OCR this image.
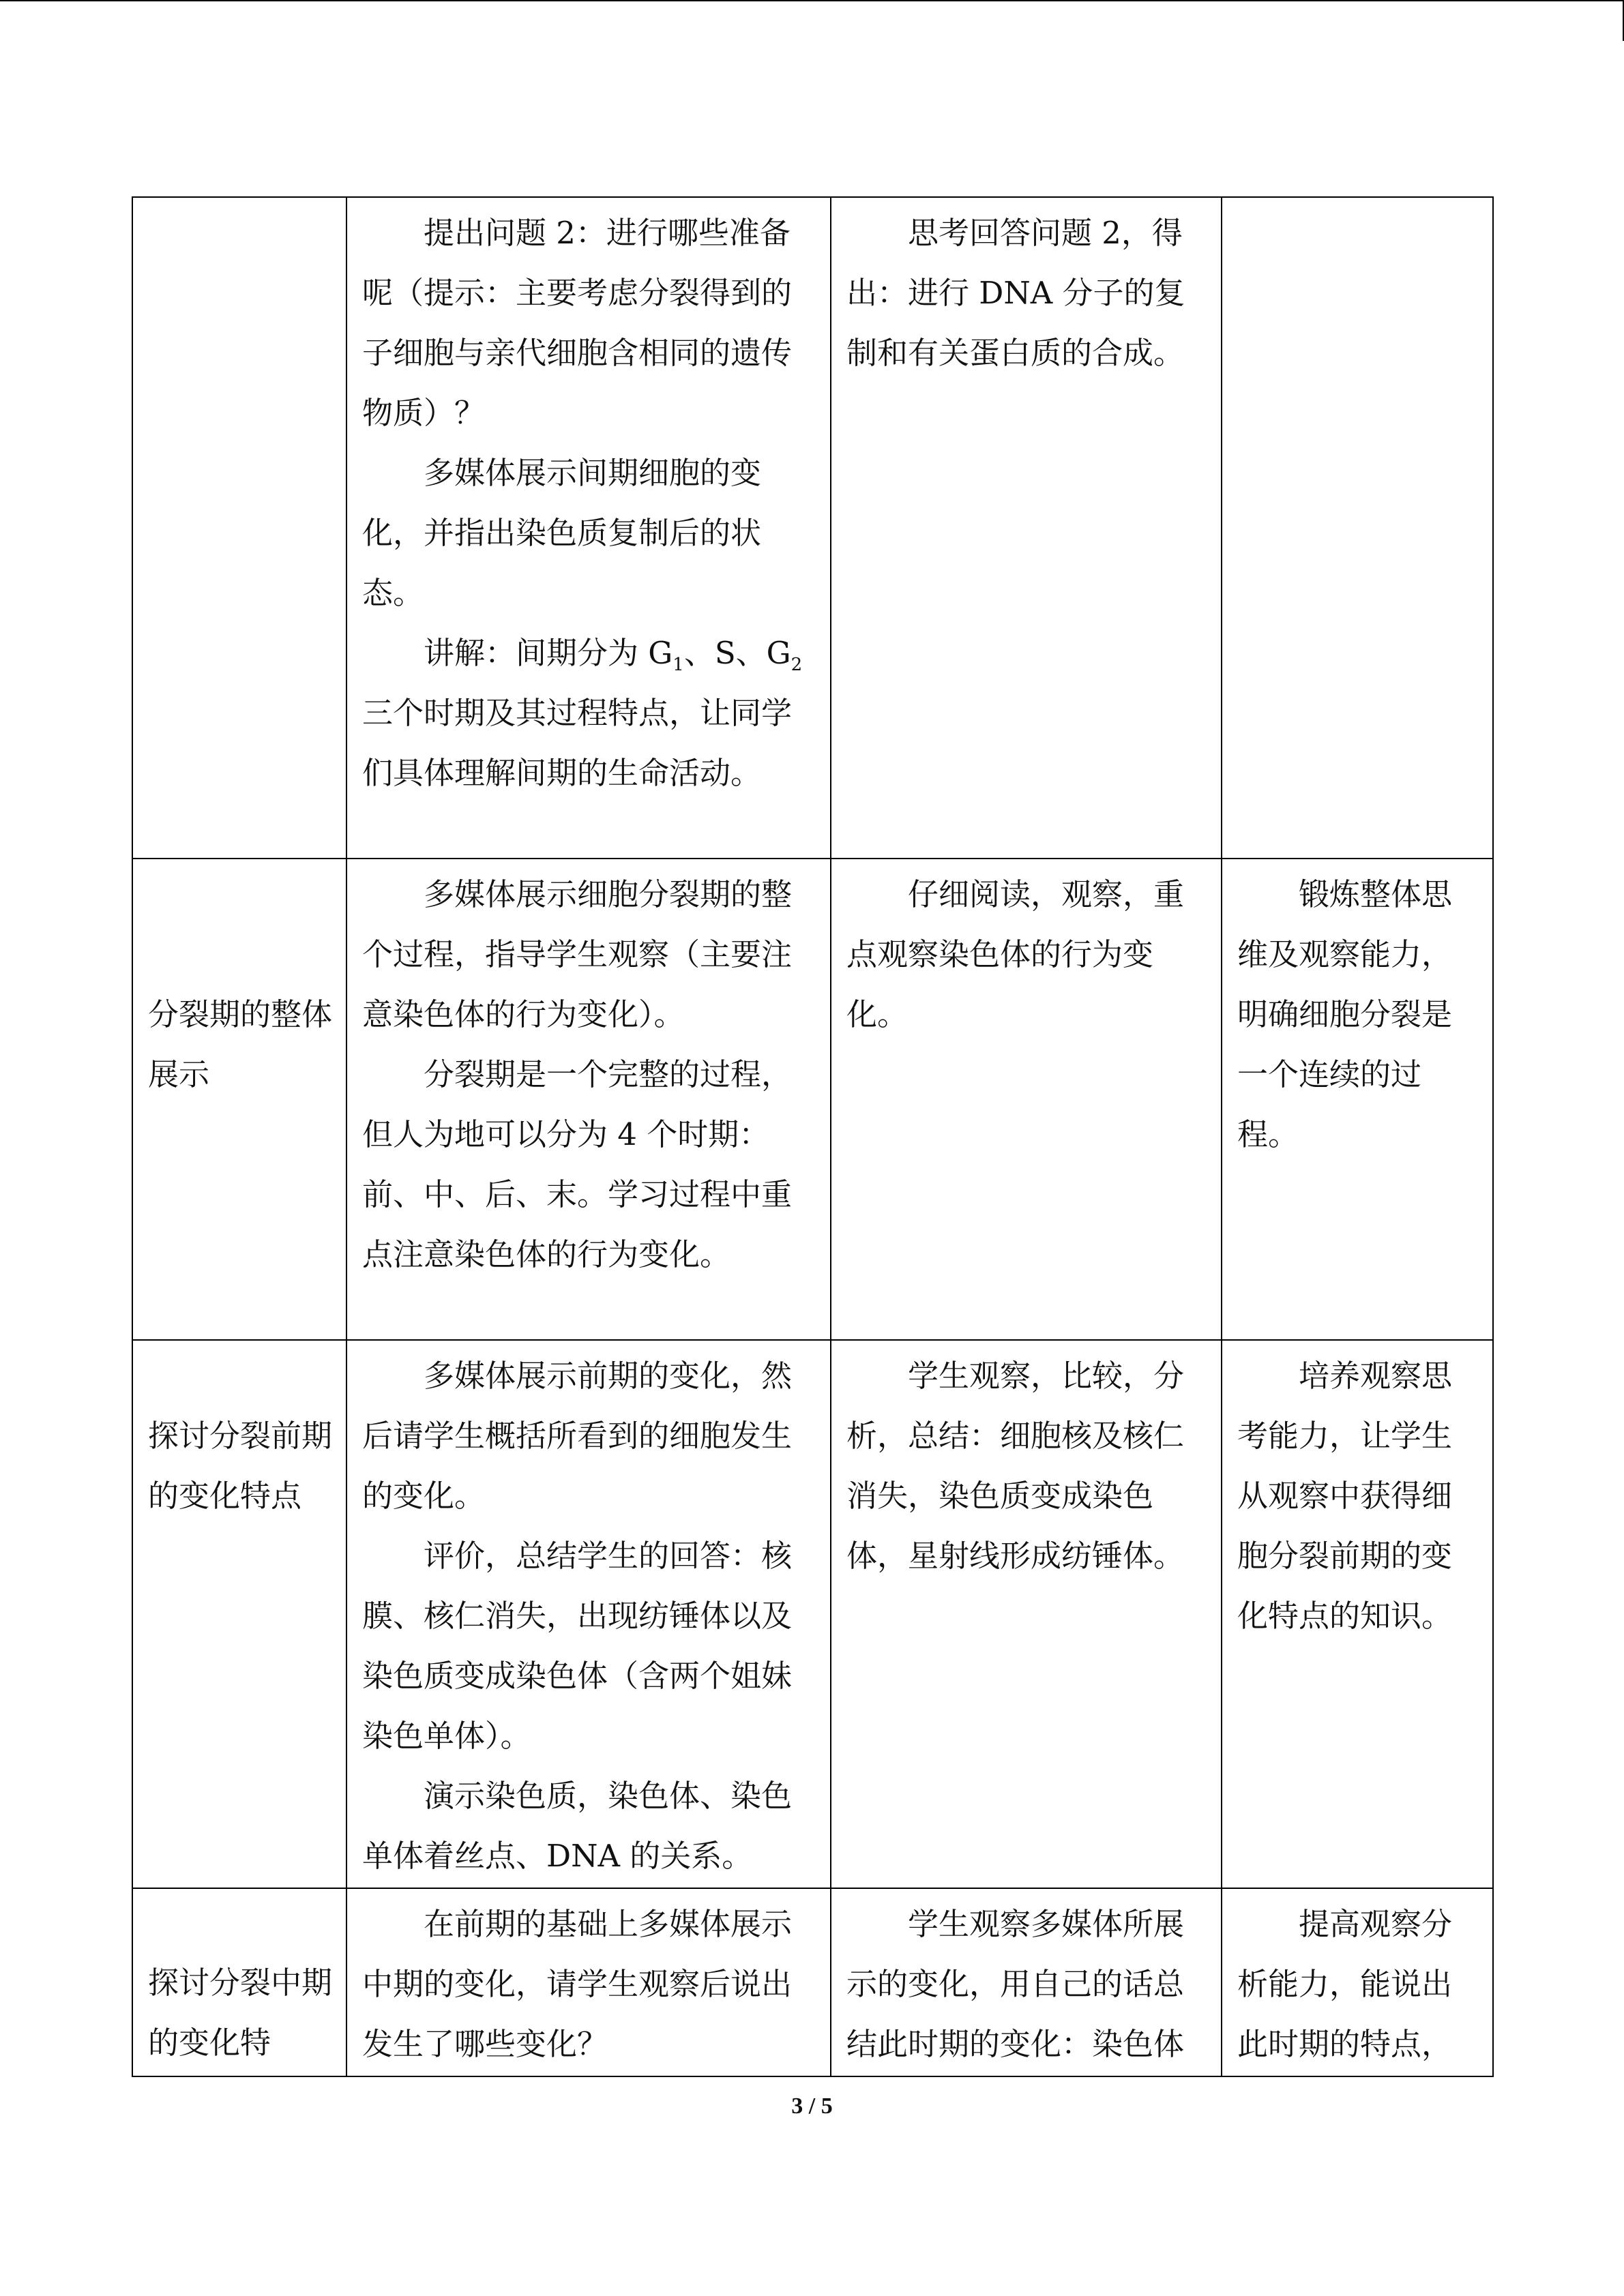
	提出问题 2：进行哪些准备呢（提示：主要考虑分裂得到的子细胞与亲代细胞含相同的遗传物质）？

多媒体展示间期细胞的变化，并指出染色质复制后的状态。

讲解：间期分为 $G_1$、S、$G_2$ 三个时期及其过程特点，让同学们具体理解间期的生命活动。	思考回答问题 2，得出：进行 DNA 分子的复制和有关蛋白质的合成。	

分裂期的整体展示	多媒体展示细胞分裂期的整个过程，指导学生观察（主要注意染色体的行为变化）。

分裂期是一个完整的过程，但人为地可以分为 4 个时期：前、中、后、末。学习过程中重点注意染色体的行为变化。	仔细阅读，观察，重点观察染色体的行为变化。	锻炼整体思维及观察能力，明确细胞分裂是一个连续的过程。

探讨分裂前期的变化特点	多媒体展示前期的变化，然后请学生概括所看到的细胞发生的变化。

评价，总结学生的回答：核膜、核仁消失，出现纺锤体以及染色质变成染色体（含两个姐妹染色单体）。

演示染色质，染色体、染色单体着丝点、DNA 的关系。	学生观察，比较，分析，总结：细胞核及核仁消失，染色质变成染色体，星射线形成纺锤体。	培养观察思考能力，让学生从观察中获得细胞分裂前期的变化特点的知识。

探讨分裂中期的变化特	在前期的基础上多媒体展示中期的变化，请学生观察后说出发生了哪些变化？	学生观察多媒体所展示的变化，用自己的话总结此时期的变化：染色体	提高观察分析能力，能说出此时期的特点，

3 / 5
